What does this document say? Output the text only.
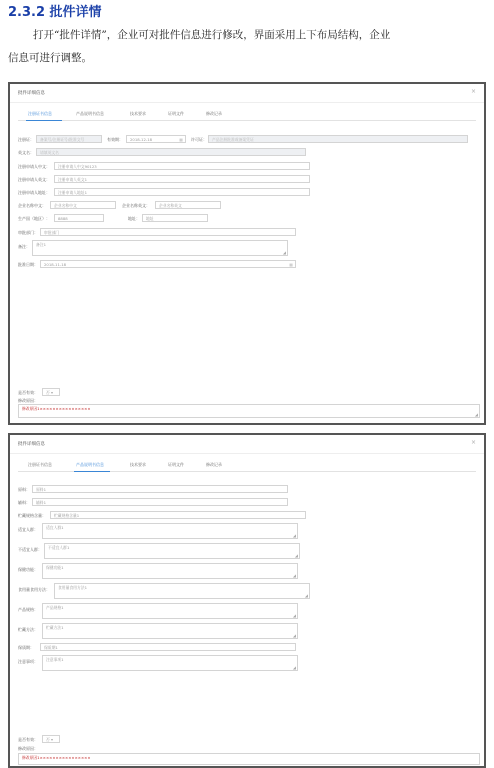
2.3.2 批件详情

打开“批件详情”，企业可对批件信息进行修改，界面采用上下布局结构，企业
信息可进行调整。

批件详细信息	×
注册证书信息	产品说明书信息	技术要求	证明文件	修改记录
注册证：	备案号/注册证号/批准文号	有效期：	2018-12-18	▦ 许可证：	产品注册批准或备案凭证
英文名：	请填英文名
注册申请人中文：	注册申请人中文90123
注册申请人英文：	注册申请人英文1
注册申请人地址：	注册申请人地址1
企业名称中文：	企业名称中文	企业名称英文：	企业名称英文
生产国（地区）：	8888	地址：	地址
审批部门：	审批部门
备注：	备注1
◢
批准日期：	2018-11-18	▦
是否有效：	否 ▾
修改原因：
修改原因1××××××××××××××××
◢
批件详细信息	×
注册证书信息	产品说明书信息	技术要求	证明文件	修改记录
原料：	原料1
辅料：	辅料1
贮藏规格含量：	贮藏规格含量1
适宜人群：	适宜人群1
◢
不适宜人群：	不适宜人群1
◢
保健功能：	保健功能1
◢
食用量食用方法：	食用量食用方法1
◢
产品规格：	产品规格1
◢
贮藏方法：	贮藏方法1
◢
保质期：	保质期1
注意事项：	注意事项1
◢
是否有效：	否 ▾
修改原因：
修改原因1××××××××××××××××
